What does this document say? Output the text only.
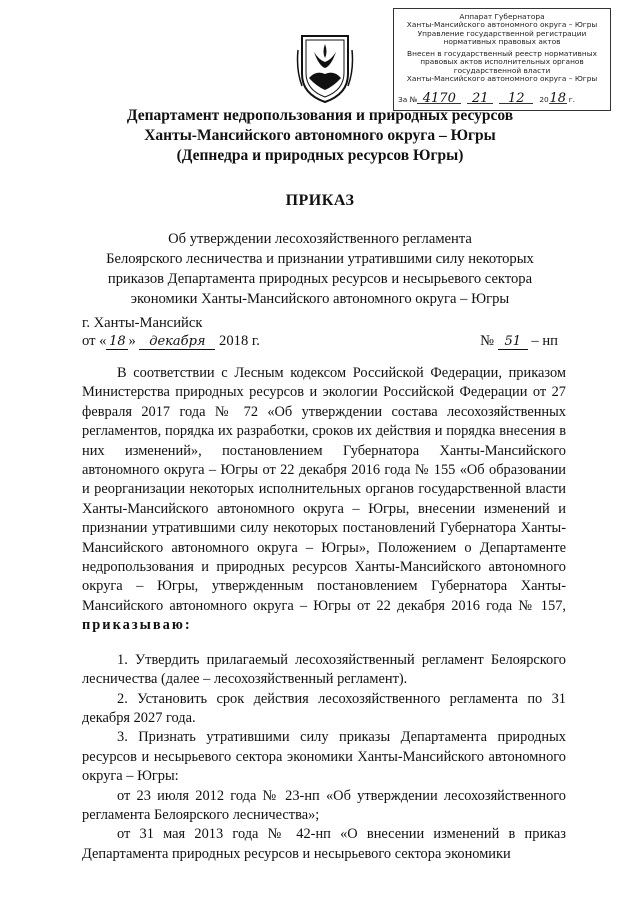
Аппарат Губернатора
Ханты-Мансийского автономного округа – Югры
Управление государственной регистрации
нормативных правовых актов
Внесен в государственный реестр нормативных
правовых актов исполнительных органов
государственной власти
Ханты-Мансийского автономного округа – Югры
За № 4170	21	12	20 18 г.
Департамент недропользования и природных ресурсов
Ханты-Мансийского автономного округа – Югры
(Депнедра и природных ресурсов Югры)
ПРИКАЗ
Об утверждении лесохозяйственного регламента
Белоярского лесничества и признании утратившими силу некоторых
приказов Департамента природных ресурсов и несырьевого сектора
экономики Ханты-Мансийского автономного округа – Югры
г. Ханты-Мансийск
от « 18 » декабря 2018 г.	№ 51 – нп

В соответствии с Лесным кодексом Российской Федерации, приказом Министерства природных ресурсов и экологии Российской Федерации от 27 февраля 2017 года № 72 «Об утверждении состава лесохозяйственных регламентов, порядка их разработки, сроков их действия и порядка внесения в них изменений», постановлением Губернатора Ханты-Мансийского автономного округа – Югры от 22 декабря 2016 года № 155 «Об образовании и реорганизации некоторых исполнительных органов государственной власти Ханты-Мансийского автономного округа – Югры, внесении изменений и признании утратившими силу некоторых постановлений Губернатора Ханты-Мансийского автономного округа – Югры», Положением о Департаменте недропользования и природных ресурсов Ханты-Мансийского автономного округа – Югры, утвержденным постановлением Губернатора Ханты-Мансийского автономного округа – Югры от 22 декабря 2016 года № 157, приказываю:

1. Утвердить прилагаемый лесохозяйственный регламент Белоярского лесничества (далее – лесохозяйственный регламент).

2. Установить срок действия лесохозяйственного регламента по 31 декабря 2027 года.

3. Признать утратившими силу приказы Департамента природных ресурсов и несырьевого сектора экономики Ханты-Мансийского автономного округа – Югры:

от 23 июля 2012 года № 23-нп «Об утверждении лесохозяйственного регламента Белоярского лесничества»;

от 31 мая 2013 года № 42-нп «О внесении изменений в приказ Департамента природных ресурсов и несырьевого сектора экономики
